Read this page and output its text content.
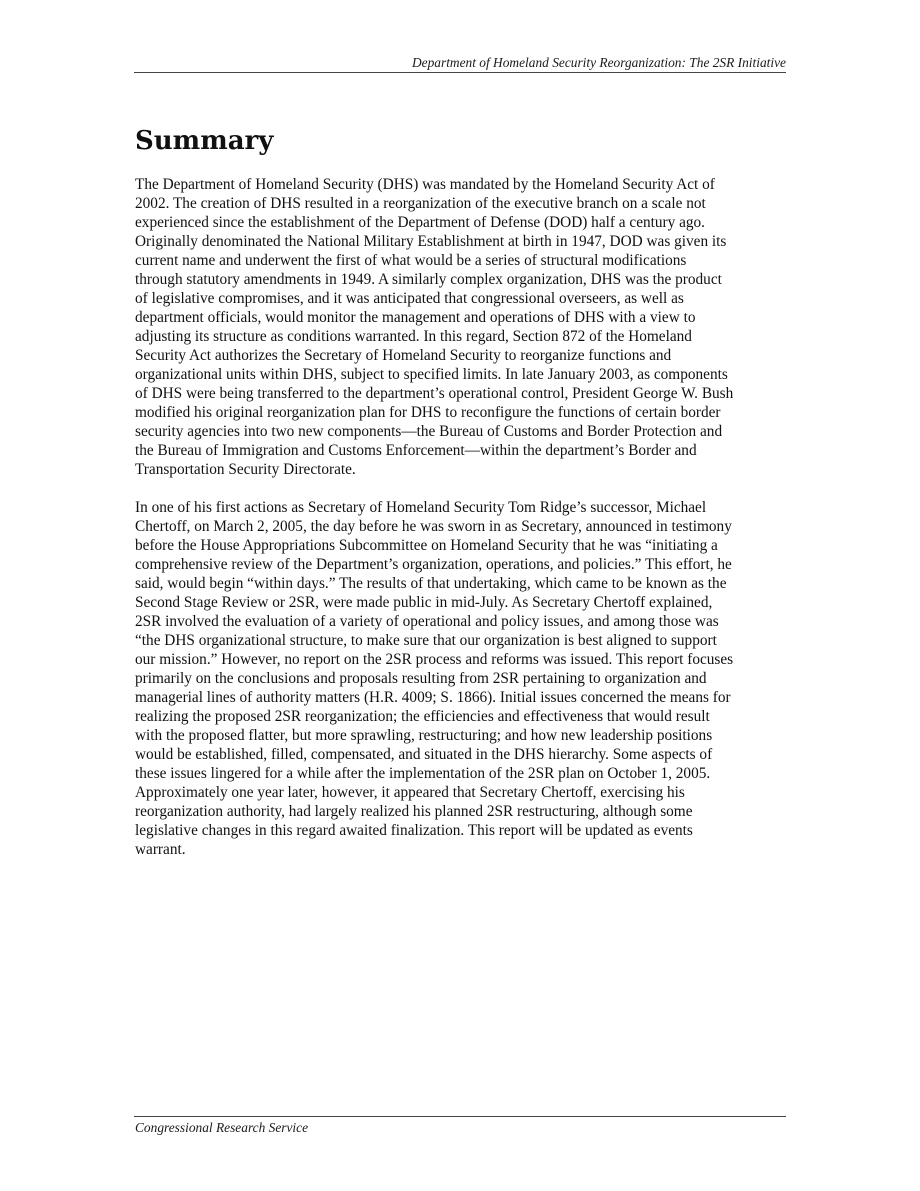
Department of Homeland Security Reorganization: The 2SR Initiative
Summary

The Department of Homeland Security (DHS) was mandated by the Homeland Security Act of
2002. The creation of DHS resulted in a reorganization of the executive branch on a scale not
experienced since the establishment of the Department of Defense (DOD) half a century ago.
Originally denominated the National Military Establishment at birth in 1947, DOD was given its
current name and underwent the first of what would be a series of structural modifications
through statutory amendments in 1949. A similarly complex organization, DHS was the product
of legislative compromises, and it was anticipated that congressional overseers, as well as
department officials, would monitor the management and operations of DHS with a view to
adjusting its structure as conditions warranted. In this regard, Section 872 of the Homeland
Security Act authorizes the Secretary of Homeland Security to reorganize functions and
organizational units within DHS, subject to specified limits. In late January 2003, as components
of DHS were being transferred to the department’s operational control, President George W. Bush
modified his original reorganization plan for DHS to reconfigure the functions of certain border
security agencies into two new components—the Bureau of Customs and Border Protection and
the Bureau of Immigration and Customs Enforcement—within the department’s Border and
Transportation Security Directorate.

In one of his first actions as Secretary of Homeland Security Tom Ridge’s successor, Michael
Chertoff, on March 2, 2005, the day before he was sworn in as Secretary, announced in testimony
before the House Appropriations Subcommittee on Homeland Security that he was “initiating a
comprehensive review of the Department’s organization, operations, and policies.” This effort, he
said, would begin “within days.” The results of that undertaking, which came to be known as the
Second Stage Review or 2SR, were made public in mid-July. As Secretary Chertoff explained,
2SR involved the evaluation of a variety of operational and policy issues, and among those was
“the DHS organizational structure, to make sure that our organization is best aligned to support
our mission.” However, no report on the 2SR process and reforms was issued. This report focuses
primarily on the conclusions and proposals resulting from 2SR pertaining to organization and
managerial lines of authority matters (H.R. 4009; S. 1866). Initial issues concerned the means for
realizing the proposed 2SR reorganization; the efficiencies and effectiveness that would result
with the proposed flatter, but more sprawling, restructuring; and how new leadership positions
would be established, filled, compensated, and situated in the DHS hierarchy. Some aspects of
these issues lingered for a while after the implementation of the 2SR plan on October 1, 2005.
Approximately one year later, however, it appeared that Secretary Chertoff, exercising his
reorganization authority, had largely realized his planned 2SR restructuring, although some
legislative changes in this regard awaited finalization. This report will be updated as events
warrant.

Congressional Research Service
